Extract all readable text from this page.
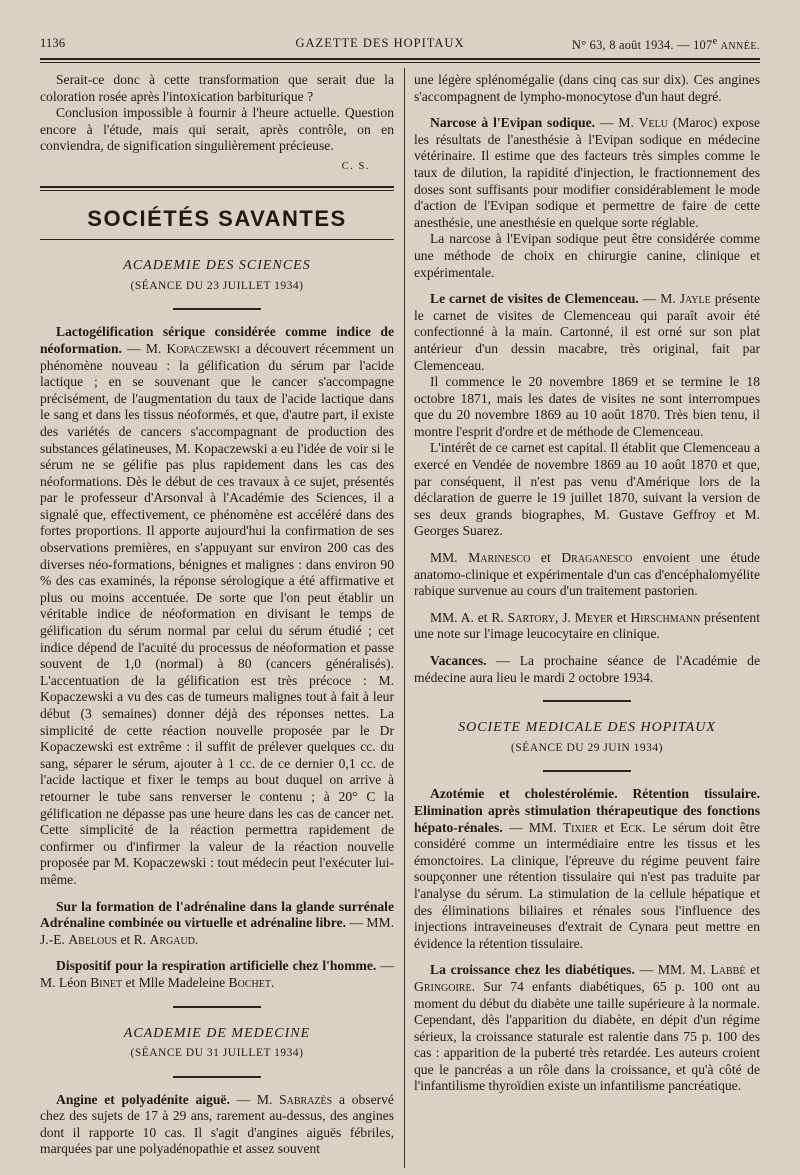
1136	GAZETTE DES HOPITAUX	N° 63, 8 août 1934. — 107e ANNÉE.

Serait-ce donc à cette transformation que serait due la coloration rosée après l'intoxication barbiturique ?

Conclusion impossible à fournir à l'heure actuelle. Question encore à l'étude, mais qui serait, après contrôle, on en conviendra, de signification singulièrement précieuse.

C. S.
SOCIÉTÉS SAVANTES
ACADEMIE DES SCIENCES
(SÉANCE DU 23 JUILLET 1934)

Lactogélification sérique considérée comme indice de néoformation. — M. Kopaczewski a découvert récemment un phénomène nouveau : la gélification du sérum par l'acide lactique ; en se souvenant que le cancer s'accompagne précisément, de l'augmentation du taux de l'acide lactique dans le sang et dans les tissus néoformés, et que, d'autre part, il existe des variétés de cancers s'accompagnant de production des substances gélatineuses, M. Kopaczewski a eu l'idée de voir si le sérum ne se gélifie pas plus rapidement dans les cas des néoformations. Dès le début de ces travaux à ce sujet, présentés par le professeur d'Arsonval à l'Académie des Sciences, il a signalé que, effectivement, ce phénomène est accéléré dans des fortes proportions. Il apporte aujourd'hui la confirmation de ses observations premières, en s'appuyant sur environ 200 cas des diverses néo-formations, bénignes et malignes : dans environ 90 % des cas examinés, la réponse sérologique a été affirmative et plus ou moins accentuée. De sorte que l'on peut établir un véritable indice de néoformation en divisant le temps de gélification du sérum normal par celui du sérum étudié ; cet indice dépend de l'acuité du processus de néoformation et passe souvent de 1,0 (normal) à 80 (cancers généralisés). L'accentuation de la gélification est très précoce : M. Kopaczewski a vu des cas de tumeurs malignes tout à fait à leur début (3 semaines) donner déjà des réponses nettes. La simplicité de cette réaction nouvelle proposée par le Dr Kopaczewski est extrême : il suffit de prélever quelques cc. du sang, séparer le sérum, ajouter à 1 cc. de ce dernier 0,1 cc. de l'acide lactique et fixer le temps au bout duquel on arrive à retourner le tube sans renverser le contenu ; à 20° C la gélification ne dépasse pas une heure dans les cas de cancer net. Cette simplicité de la réaction permettra rapidement de confirmer ou d'infirmer la valeur de la réaction nouvelle proposée par M. Kopaczewski : tout médecin peut l'exécuter lui-même.

Sur la formation de l'adrénaline dans la glande surrénale Adrénaline combinée ou virtuelle et adrénaline libre. — MM. J.-E. Abelous et R. Argaud.

Dispositif pour la respiration artificielle chez l'homme. — M. Léon Binet et Mlle Madeleine Bochet.

ACADEMIE DE MEDECINE
(SÉANCE DU 31 JUILLET 1934)

Angine et polyadénite aiguë. — M. Sabrazès a observé chez des sujets de 17 à 29 ans, rarement au-dessus, des angines dont il rapporte 10 cas. Il s'agit d'angines aiguës fébriles, marquées par une polyadénopathie et assez souvent

une légère splénomégalie (dans cinq cas sur dix). Ces angines s'accompagnent de lympho-monocytose d'un haut degré.

Narcose à l'Evipan sodique. — M. Velu (Maroc) expose les résultats de l'anesthésie à l'Evipan sodique en médecine vétérinaire. Il estime que des facteurs très simples comme le taux de dilution, la rapidité d'injection, le fractionnement des doses sont suffisants pour modifier considérablement le mode d'action de l'Evipan sodique et permettre de faire de cette anesthésie, une anesthésie en quelque sorte réglable.

La narcose à l'Evipan sodique peut être considérée comme une méthode de choix en chirurgie canine, clinique et expérimentale.

Le carnet de visites de Clemenceau. — M. Jayle présente le carnet de visites de Clemenceau qui paraît avoir été confectionné à la main. Cartonné, il est orné sur son plat antérieur d'un dessin macabre, très original, fait par Clemenceau.

Il commence le 20 novembre 1869 et se termine le 18 octobre 1871, mais les dates de visites ne sont interrompues que du 20 novembre 1869 au 10 août 1870. Très bien tenu, il montre l'esprit d'ordre et de méthode de Clemenceau.

L'intérêt de ce carnet est capital. Il établit que Clemenceau a exercé en Vendée de novembre 1869 au 10 août 1870 et que, par conséquent, il n'est pas venu d'Amérique lors de la déclaration de guerre le 19 juillet 1870, suivant la version de ses deux grands biographes, M. Gustave Geffroy et M. Georges Suarez.

MM. Marinesco et Draganesco envoient une étude anatomo-clinique et expérimentale d'un cas d'encéphalomyélite rabique survenue au cours d'un traitement pastorien.

MM. A. et R. Sartory, J. Meyer et Hirschmann présentent une note sur l'image leucocytaire en clinique.

Vacances. — La prochaine séance de l'Académie de médecine aura lieu le mardi 2 octobre 1934.

SOCIETE MEDICALE DES HOPITAUX
(SÉANCE DU 29 JUIN 1934)

Azotémie et cholestérolémie. Rétention tissulaire. Elimination après stimulation thérapeutique des fonctions hépato-rénales. — MM. Tixier et Eck. Le sérum doit être considéré comme un intermédiaire entre les tissus et les émonctoires. La clinique, l'épreuve du régime peuvent faire soupçonner une rétention tissulaire qui n'est pas traduite par l'analyse du sérum. La stimulation de la cellule hépatique et des éliminations biliaires et rénales sous l'influence des injections intraveineuses d'extrait de Cynara peut mettre en évidence la rétention tissulaire.

La croissance chez les diabétiques. — MM. M. Labbé et Gringoire. Sur 74 enfants diabétiques, 65 p. 100 ont au moment du début du diabète une taille supérieure à la normale. Cependant, dès l'apparition du diabète, en dépit d'un régime sérieux, la croissance staturale est ralentie dans 75 p. 100 des cas : apparition de la puberté très retardée. Les auteurs croient que le pancréas a un rôle dans la croissance, et qu'à côté de l'infantilisme thyroïdien existe un infantilisme pancréatique.
